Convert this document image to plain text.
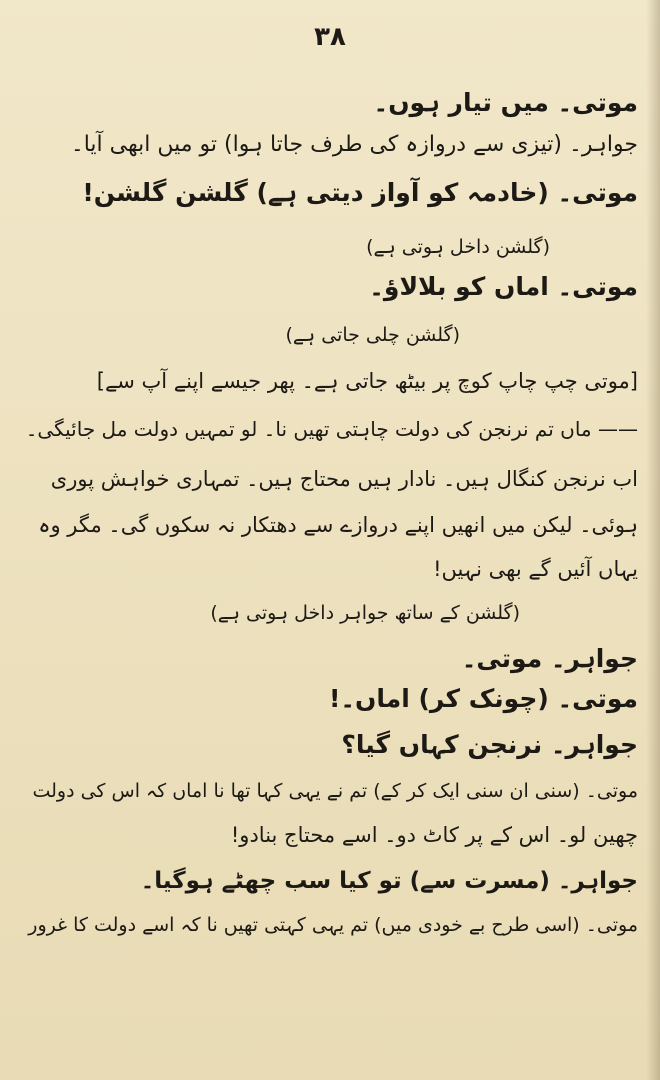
۳۸
موتی۔ میں تیار ہوں۔
جواہر۔ (تیزی سے دروازہ کی طرف جاتا ہوا) تو میں ابھی آیا۔
موتی۔ (خادمہ کو آواز دیتی ہے) گلشن گلشن!
(گلشن داخل ہوتی ہے)
موتی۔ اماں کو بلالاؤ۔
(گلشن چلی جاتی ہے)
[موتی چپ چاپ کوچ پر بیٹھ جاتی ہے۔ پھر جیسے اپنے آپ سے]
—— ماں تم نرنجن کی دولت چاہتی تھیں نا۔ لو تمہیں دولت مل جائیگی۔
اب نرنجن کنگال ہیں۔ نادار ہیں محتاج ہیں۔ تمہاری خواہش پوری
ہوئی۔ لیکن میں انھیں اپنے دروازے سے دھتکار نہ سکوں گی۔ مگر وہ
یہاں آئیں گے بھی نہیں!
(گلشن کے ساتھ جواہر داخل ہوتی ہے)
جواہر۔ موتی۔
موتی۔ (چونک کر) اماں۔!
جواہر۔ نرنجن کہاں گیا؟
موتی۔ (سنی ان سنی ایک کر کے) تم نے یہی کہا تھا نا اماں کہ اس کی دولت
چھین لو۔ اس کے پر کاٹ دو۔ اسے محتاج بنادو!
جواہر۔ (مسرت سے) تو کیا سب چھٹے ہوگیا۔
موتی۔ (اسی طرح بے خودی میں) تم یہی کہتی تھیں نا کہ اسے دولت کا غرور
